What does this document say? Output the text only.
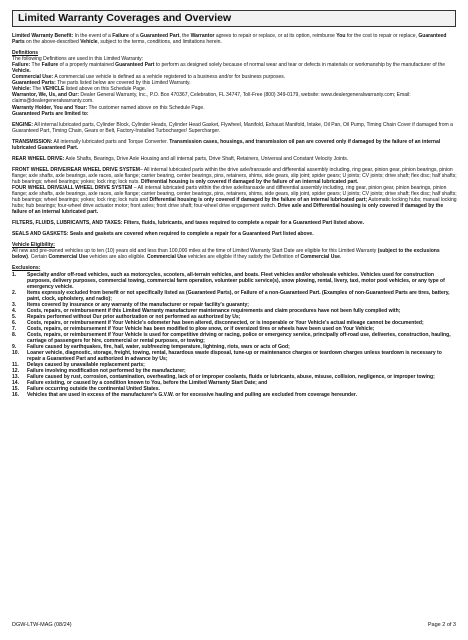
Limited Warranty Coverages and Overview

Limited Warranty Benefit: In the event of a Failure of a Guaranteed Part, the Warrantor agrees to repair or replace, or at its option, reimburse You for the cost to repair or replace, Guaranteed Parts on the above-described Vehicle, subject to the terms, conditions, and limitations herein.

Definitions

The following Definitions are used in this Limited Warranty:

Failure: The Failure of a properly maintained Guaranteed Part to perform as designed solely because of normal wear and tear or defects in materials or workmanship by the manufacturer of the Vehicle.

Commercial Use: A commercial use vehicle is defined as a vehicle registered to a business and/or for business purposes.

Guaranteed Parts: The parts listed below are covered by this Limited Warranty.

Vehicle: The VEHICLE listed above on this Schedule Page.

Warrantor, We, Us, and Our: Dealer General Warranty, Inc., P.O. Box 470367, Celebration, FL 34747, Toll-Free (800) 349-0179, website: www.dealergeneralwarranty.com; Email: claims@dealergeneralwarranty.com.

Warranty Holder, You and Your: The customer named above on this Schedule Page.

Guaranteed Parts are limited to:

ENGINE: All internal lubricated parts, Cylinder Block, Cylinder Heads, Cylinder Head Gasket, Flywheel, Manifold, Exhaust Manifold, Intake, Oil Pan, Oil Pump, Timing Chain Cover if damaged from a Guaranteed Part, Timing Chain, Gears or Belt, Factory-Installed Turbocharger/ Supercharger.

TRANSMISSION: All internally lubricated parts and Torque Converter. Transmission cases, housings, and transmission oil pan are covered only if damaged by the failure of an internal lubricated Guaranteed Part.

REAR WHEEL DRIVE: Axle Shafts, Bearings, Drive Axle Housing and all internal parts, Drive Shaft, Retainers, Universal and Constant Velocity Joints.

FRONT WHEEL DRIVE/REAR WHEEL DRIVE SYSTEM– All internal lubricated parts within the drive axle/transaxle and differential assembly including, ring gear, pinion gear, pinion bearings, pinion flange; axle shafts, axle bearings, axle races, axle flange; carrier bearing, center bearings, pins, retainers, shims, side gears, slip joint; spider gears; U joints; CV joints; drive shaft; flex disc; half shafts; hub bearings; wheel bearings; yokes; lock ring; lock nuts. Differential housing is only covered if damaged by the failure of an internal lubricated part.

FOUR WHEEL DRIVE/ALL WHEEL DRIVE SYSTEM – All internal lubricated parts within the drive axle/transaxle and differential assembly including, ring gear, pinion gear, pinion bearings, pinion flange; axle shafts, axle bearings, axle races, axle flange; carrier bearing, center bearings, pins, retainers, shims, side gears, slip joint, spider gears; U joints; CV joints; drive shaft; flex disc; half shafts; hub bearings; wheel bearings; yokes; lock ring; lock nuts and Differential housing is only covered if damaged by the failure of an internal lubricated part; Automatic locking hubs; manual locking hubs; hub bearings; four-wheel drive actuator motor; front axles; front drive shaft; four-wheel drive engagement switch. Drive axle and Differential housing is only covered if damaged by the failure of an internal lubricated part.

FILTERS, FLUIDS, LUBRICANTS, AND TAXES: Filters, fluids, lubricants, and taxes required to complete a repair for a Guaranteed Part listed above.

SEALS AND GASKETS: Seals and gaskets are covered when required to complete a repair for a Guaranteed Part listed above.

Vehicle Eligibility:

All new and pre-owned vehicles up to ten (10) years old and less than 100,000 miles at the time of Limited Warranty Start Date are eligible for this Limited Warranty (subject to the exclusions below). Certain Commercial Use vehicles are also eligible. Commercial Use vehicles are eligible if they satisfy the Definition of Commercial Use.

Exclusions:

1. Specialty and/or off-road vehicles, such as motorcycles, scooters, all-terrain vehicles, and boats. Fleet vehicles and/or wholesale vehicles. Vehicles used for construction purposes, delivery purposes, commercial towing, commercial farm operation, volunteer public service(s), snow plowing, rental, livery, taxi, motor pool vehicles, or any type of emergency vehicle.
2. Items expressly excluded from benefit or not specifically listed as (Guaranteed Parts), or Failure of a non-Guaranteed Part. (Examples of non-Guaranteed Parts are tires, battery, paint, clock, upholstery, and radio);
3. Items covered by insurance or any warranty of the manufacturer or repair facility's guaranty;
4. Costs, repairs, or reimbursement if this Limited Warranty manufacturer maintenance requirements and claim procedures have not been fully complied with;
5. Repairs performed without Our prior authorization or not performed as authorized by Us;
6. Costs, repairs, or reimbursement if Your Vehicle's odometer has been altered, disconnected, or is inoperable or Your Vehicle's actual mileage cannot be documented;
7. Costs, repairs, or reimbursement if Your Vehicle has been modified to plow snow, or if oversized tires or wheels have been used on Your Vehicle;
8. Costs, repairs, or reimbursement if Your Vehicle is used for competitive driving or racing, police or emergency service, principally off-road use, deliveries, construction, hauling, carriage of passengers for hire, commercial or rental purposes, or towing;
9. Failure caused by earthquakes, fire, hail, water, subfreezing temperature, lightning, riots, wars or acts of God;
10. Loaner vehicle, diagnostic, storage, freight, towing, rental, hazardous waste disposal, tune-up or maintenance charges or teardown charges unless teardown is necessary to repair a Guaranteed Part and authorized in advance by Us;
11. Delays caused by unavailable replacement parts;
12. Failure involving modification not performed by the manufacturer;
13. Failure caused by rust, corrosion, contamination, overheating, lack of or improper coolants, fluids or lubricants, abuse, misuse, collision, negligence, or improper towing;
14. Failure existing, or caused by a condition known to You, before the Limited Warranty Start Date; and
15. Failure occurring outside the continental United States.
16. Vehicles that are used in excess of the manufacturer's G.V.W. or for excessive hauling and pulling are excluded from coverage hereunder.
DGW-LTW-MAG (08/24)	Page 2 of 3
